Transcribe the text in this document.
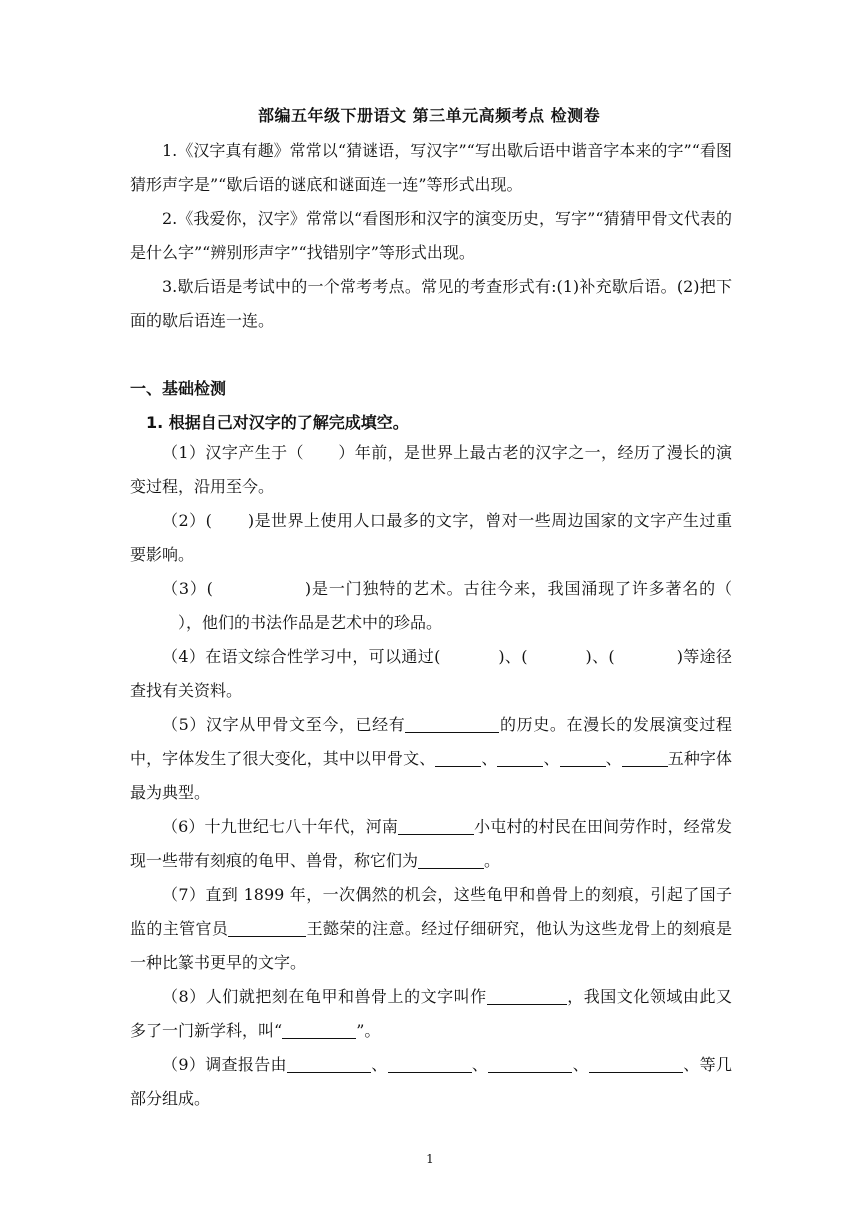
部编五年级下册语文 第三单元高频考点 检测卷
1.《汉字真有趣》常常以“猜谜语，写汉字”“写出歇后语中谐音字本来的字”“看图猜形声字是”“歇后语的谜底和谜面连一连”等形式出现。
2.《我爱你，汉字》常常以“看图形和汉字的演变历史，写字”“猜猜甲骨文代表的是什么字”“辨别形声字”“找错别字”等形式出现。
3.歇后语是考试中的一个常考考点。常见的考查形式有:(1)补充歇后语。(2)把下面的歇后语连一连。
一、基础检测
1. 根据自己对汉字的了解完成填空。
（1）汉字产生于（ ）年前，是世界上最古老的汉字之一，经历了漫长的演变过程，沿用至今。
（2）( )是世界上使用人口最多的文字，曾对一些周边国家的文字产生过重要影响。
（3）(	)是一门独特的艺术。古往今来，我国涌现了许多著名的（），他们的书法作品是艺术中的珍品。
（4）在语文综合性学习中，可以通过(	)、(	)、(	)等途径查找有关资料。
（5）汉字从甲骨文至今，已经有	的历史。在漫长的发展演变过程中，字体发生了很大变化，其中以甲骨文、	、	、	、	五种字体最为典型。
（6）十九世纪七八十年代，河南	小屯村的村民在田间劳作时，经常发现一些带有刻痕的龟甲、兽骨，称它们为	。
（7）直到 1899 年，一次偶然的机会，这些龟甲和兽骨上的刻痕，引起了国子监的主管官员	王懿荣的注意。经过仔细研究，他认为这些龙骨上的刻痕是一种比篆书更早的文字。
（8）人们就把刻在龟甲和兽骨上的文字叫作	，我国文化领域由此又多了一门新学科，叫“	”。
（9）调查报告由	、	、	、	、等几部分组成。
1
